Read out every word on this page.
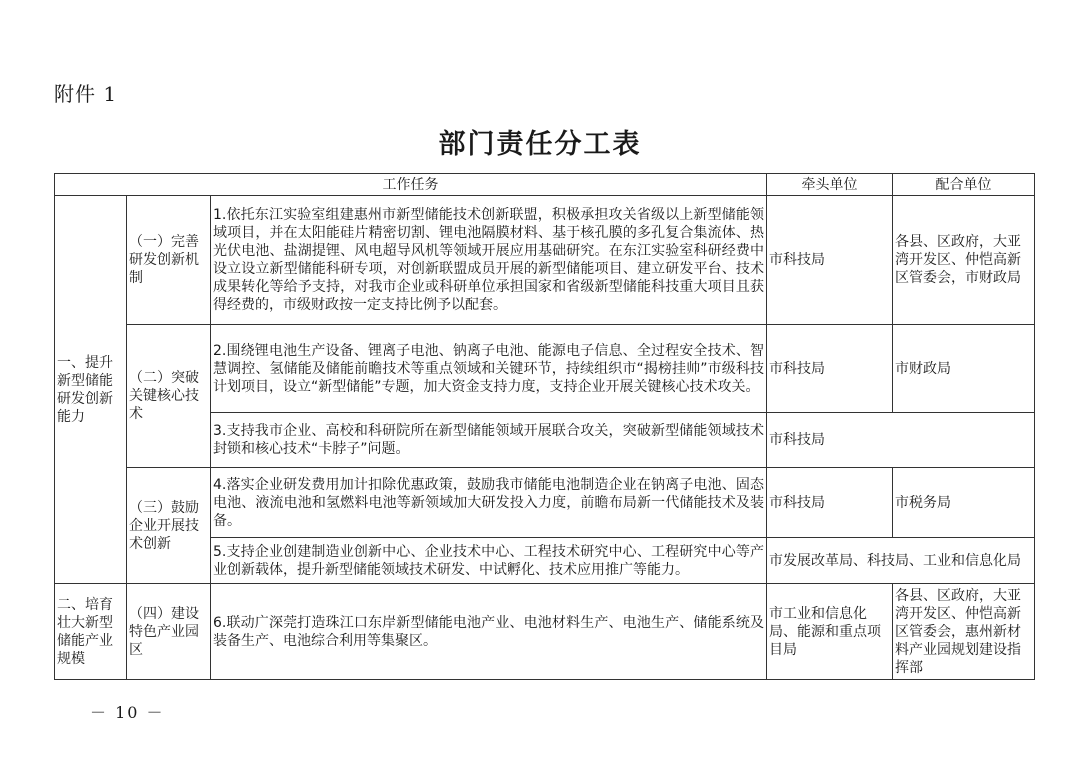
附件 1
部门责任分工表
工作任务			牵头单位	配合单位
一、提升新型储能研发创新能力	（一）完善研发创新机制	1.依托东江实验室组建惠州市新型储能技术创新联盟，积极承担攻关省级以上新型储能领域项目，并在太阳能硅片精密切割、锂电池隔膜材料、基于核孔膜的多孔复合集流体、热光伏电池、盐湖提锂、风电超导风机等领域开展应用基础研究。在东江实验室科研经费中设立设立新型储能科研专项，对创新联盟成员开展的新型储能项目、建立研发平台、技术成果转化等给予支持，对我市企业或科研单位承担国家和省级新型储能科技重大项目且获得经费的，市级财政按一定支持比例予以配套。	市科技局	各县、区政府，大亚湾开发区、仲恺高新区管委会，市财政局
	（二）突破关键核心技术	2.围绕锂电池生产设备、锂离子电池、钠离子电池、能源电子信息、全过程安全技术、智慧调控、氢储能及储能前瞻技术等重点领域和关键环节，持续组织市“揭榜挂帅”市级科技计划项目，设立“新型储能”专题，加大资金支持力度，支持企业开展关键核心技术攻关。	市科技局	市财政局
		3.支持我市企业、高校和科研院所在新型储能领域开展联合攻关，突破新型储能领域技术封锁和核心技术“卡脖子”问题。	市科技局	
	（三）鼓励企业开展技术创新	4.落实企业研发费用加计扣除优惠政策，鼓励我市储能电池制造企业在钠离子电池、固态电池、液流电池和氢燃料电池等新领域加大研发投入力度，前瞻布局新一代储能技术及装备。	市科技局	市税务局
		5.支持企业创建制造业创新中心、企业技术中心、工程技术研究中心、工程研究中心等产业创新载体，提升新型储能领域技术研发、中试孵化、技术应用推广等能力。	市发展改革局、科技局、工业和信息化局	
二、培育壮大新型储能产业规模	（四）建设特色产业园区	6.联动广深莞打造珠江口东岸新型储能电池产业、电池材料生产、电池生产、储能系统及装备生产、电池综合利用等集聚区。	市工业和信息化局、能源和重点项目局	各县、区政府，大亚湾开发区、仲恺高新区管委会，惠州新材料产业园规划建设指挥部
－ 10 －
